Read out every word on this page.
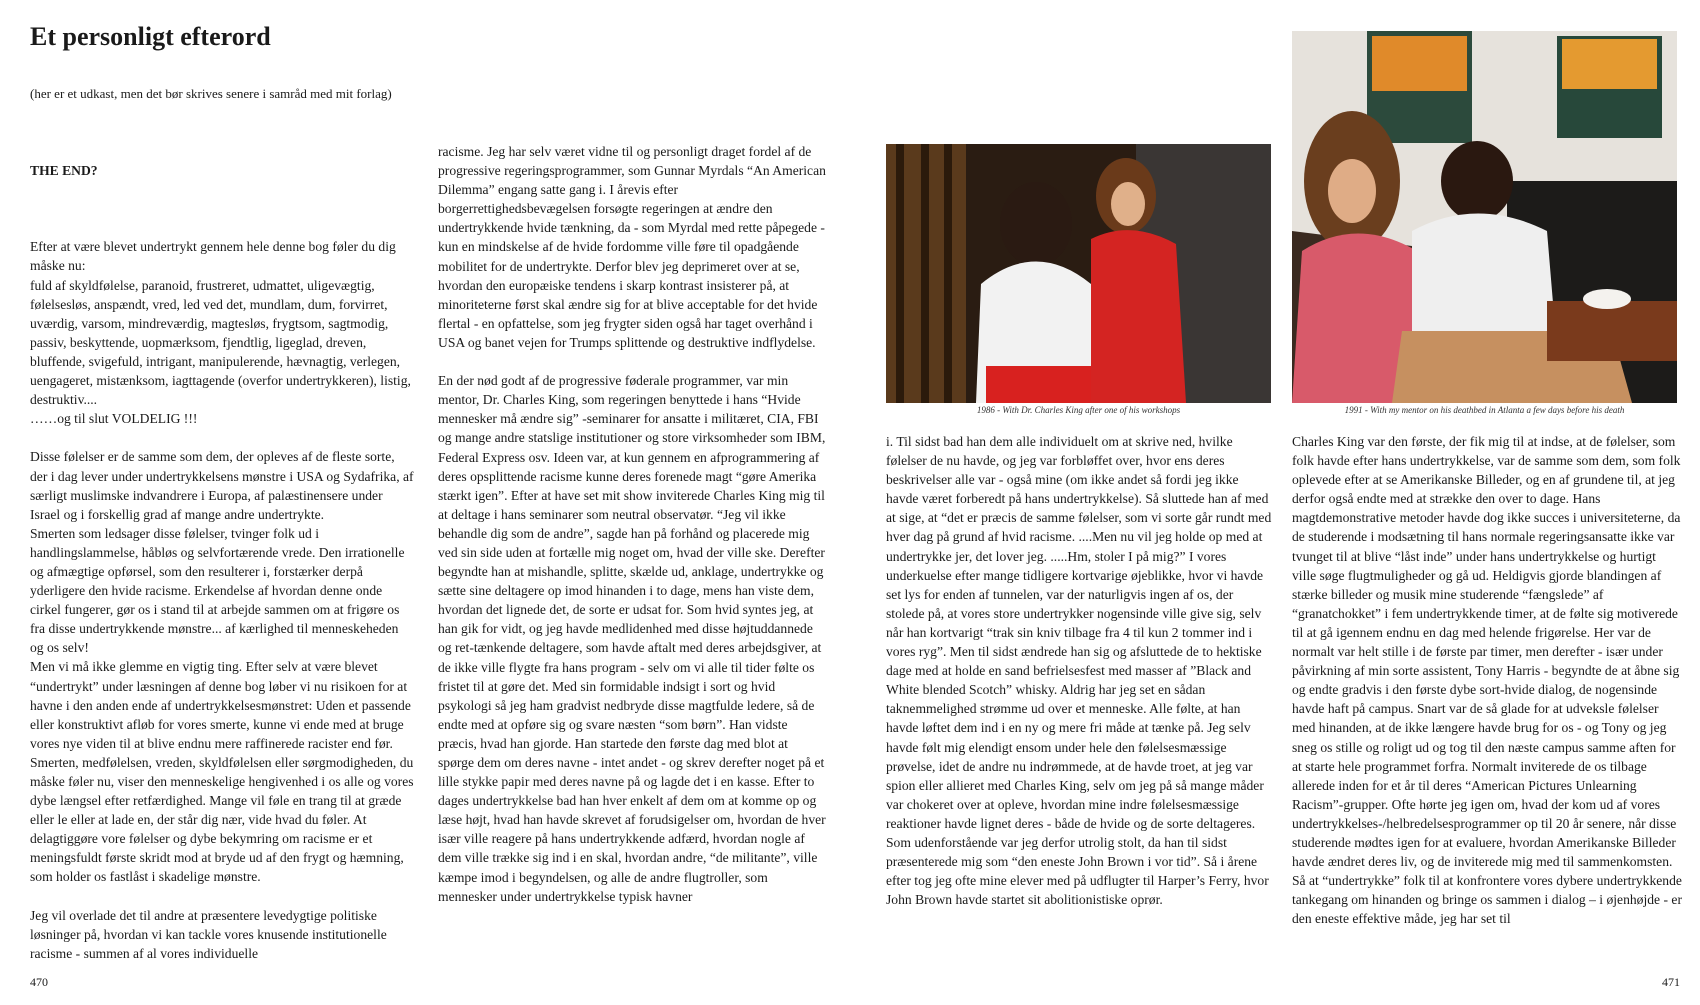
Et personligt efterord
(her er et udkast, men det bør skrives senere i samråd med mit forlag)

THE END?

Efter at være blevet undertrykt gennem hele denne bog føler du dig måske nu:
fuld af skyldfølelse, paranoid, frustreret, udmattet, uligevægtig, følelsesløs, anspændt, vred, led ved det, mundlam, dum, forvirret, uværdig, varsom, mindreværdig, magtesløs, frygtsom, sagtmodig, passiv, beskyttende, uopmærksom, fjendtlig, ligeglad, dreven, bluffende, svigefuld, intrigant, manipulerende, hævnagtig, verlegen, uengageret, mistænksom, iagttagende (overfor undertrykkeren), listig, destruktiv....
……og til slut VOLDELIG !!!

Disse følelser er de samme som dem, der opleves af de fleste sorte, der i dag lever under undertrykkelsens mønstre i USA og Sydafrika, af særligt muslimske indvandrere i Europa, af palæstinensere under Israel og i forskellig grad af mange andre undertrykte.
Smerten som ledsager disse følelser, tvinger folk ud i handlingslammelse, håbløs og selvfortærende vrede. Den irrationelle og afmægtige opførsel, som den resulterer i, forstærker derpå yderligere den hvide racisme. Erkendelse af hvordan denne onde cirkel fungerer, gør os i stand til at arbejde sammen om at frigøre os fra disse undertrykkende mønstre... af kærlighed til menneskeheden og os selv!
Men vi må ikke glemme en vigtig ting. Efter selv at være blevet “undertrykt” under læsningen af denne bog løber vi nu risikoen for at havne i den anden ende af undertrykkelsesmønstret: Uden et passende eller konstruktivt afløb for vores smerte, kunne vi ende med at bruge vores nye viden til at blive endnu mere raffinerede racister end før.
Smerten, medfølelsen, vreden, skyldfølelsen eller sørgmodigheden, du måske føler nu, viser den menneskelige hengivenhed i os alle og vores dybe længsel efter retfærdighed. Mange vil føle en trang til at græde eller le eller at lade en, der står dig nær, vide hvad du føler. At delagtiggøre vore følelser og dybe bekymring om racisme er et meningsfuldt første skridt mod at bryde ud af den frygt og hæmning, som holder os fastlåst i skadelige mønstre.

Jeg vil overlade det til andre at præsentere levedygtige politiske løsninger på, hvordan vi kan tackle vores knusende institutionelle racisme - summen af al vores individuelle

racisme. Jeg har selv været vidne til og personligt draget fordel af de progressive regeringsprogrammer, som Gunnar Myrdals “An American Dilemma” engang satte gang i. I årevis efter borgerrettighedsbevægelsen forsøgte regeringen at ændre den undertrykkende hvide tænkning, da - som Myrdal med rette påpegede - kun en mindskelse af de hvide fordomme ville føre til opadgående mobilitet for de undertrykte. Derfor blev jeg deprimeret over at se, hvordan den europæiske tendens i skarp kontrast insisterer på, at minoriteterne først skal ændre sig for at blive acceptable for det hvide flertal - en opfattelse, som jeg frygter siden også har taget overhånd i USA og banet vejen for Trumps splittende og destruktive indflydelse.

En der nød godt af de progressive føderale programmer, var min mentor, Dr. Charles King, som regeringen benyttede i hans “Hvide mennesker må ændre sig” -seminarer for ansatte i militæret, CIA, FBI og mange andre statslige institutioner og store virksomheder som IBM, Federal Express osv. Ideen var, at kun gennem en afprogrammering af deres opsplittende racisme kunne deres forenede magt “gøre Amerika stærkt igen”. Efter at have set mit show inviterede Charles King mig til at deltage i hans seminarer som neutral observatør. “Jeg vil ikke behandle dig som de andre”, sagde han på forhånd og placerede mig ved sin side uden at fortælle mig noget om, hvad der ville ske. Derefter begyndte han at mishandle, splitte, skælde ud, anklage, undertrykke og sætte sine deltagere op imod hinanden i to dage, mens han viste dem, hvordan det lignede det, de sorte er udsat for. Som hvid syntes jeg, at han gik for vidt, og jeg havde medlidenhed med disse højtuddannede og ret-tænkende deltagere, som havde aftalt med deres arbejdsgiver, at de ikke ville flygte fra hans program - selv om vi alle til tider følte os fristet til at gøre det. Med sin formidable indsigt i sort og hvid psykologi så jeg ham gradvist nedbryde disse magtfulde ledere, så de endte med at opføre sig og svare næsten “som børn”. Han vidste præcis, hvad han gjorde. Han startede den første dag med blot at spørge dem om deres navne - intet andet - og skrev derefter noget på et lille stykke papir med deres navne på og lagde det i en kasse. Efter to dages undertrykkelse bad han hver enkelt af dem om at komme op og læse højt, hvad han havde skrevet af forudsigelser om, hvordan de hver især ville reagere på hans undertrykkende adfærd, hvordan nogle af dem ville trække sig ind i en skal, hvordan andre, “de militante”, ville kæmpe imod i begyndelsen, og alle de andre flugtroller, som mennesker under undertrykkelse typisk havner
1986 - With Dr. Charles King after one of his workshops	1991 - With my mentor on his deathbed in Atlanta a few days before his death
i. Til sidst bad han dem alle individuelt om at skrive ned, hvilke følelser de nu havde, og jeg var forbløffet over, hvor ens deres beskrivelser alle var - også mine (om ikke andet så fordi jeg ikke havde været forberedt på hans undertrykkelse). Så sluttede han af med at sige, at “det er præcis de samme følelser, som vi sorte går rundt med hver dag på grund af hvid racisme. ....Men nu vil jeg holde op med at undertrykke jer, det lover jeg. .....Hm, stoler I på mig?” I vores underkuelse efter mange tidligere kortvarige øjeblikke, hvor vi havde set lys for enden af tunnelen, var der naturligvis ingen af os, der stolede på, at vores store undertrykker nogensinde ville give sig, selv når han kortvarigt “trak sin kniv tilbage fra 4 til kun 2 tommer ind i vores ryg”. Men til sidst ændrede han sig og afsluttede de to hektiske dage med at holde en sand befrielsesfest med masser af ”Black and White blended Scotch” whisky. Aldrig har jeg set en sådan taknemmelighed strømme ud over et menneske. Alle følte, at han havde løftet dem ind i en ny og mere fri måde at tænke på. Jeg selv havde følt mig elendigt ensom under hele den følelsesmæssige prøvelse, idet de andre nu indrømmede, at de havde troet, at jeg var spion eller allieret med Charles King, selv om jeg på så mange måder var chokeret over at opleve, hvordan mine indre følelsesmæssige reaktioner havde lignet deres - både de hvide og de sorte deltageres. Som udenforstående var jeg derfor utrolig stolt, da han til sidst præsenterede mig som “den eneste John Brown i vor tid”. Så i årene efter tog jeg ofte mine elever med på udflugter til Harper’s Ferry, hvor John Brown havde startet sit abolitionistiske oprør.
Charles King var den første, der fik mig til at indse, at de følelser, som folk havde efter hans undertrykkelse, var de samme som dem, som folk oplevede efter at se Amerikanske Billeder, og en af grundene til, at jeg derfor også endte med at strække den over to dage. Hans magtdemonstrative metoder havde dog ikke succes i universiteterne, da de studerende i modsætning til hans normale regeringsansatte ikke var tvunget til at blive “låst inde” under hans undertrykkelse og hurtigt ville søge flugtmuligheder og gå ud. Heldigvis gjorde blandingen af stærke billeder og musik mine studerende “fængslede” af “granatchokket” i fem undertrykkende timer, at de følte sig motiverede til at gå igennem endnu en dag med helende frigørelse. Her var de normalt var helt stille i de første par timer, men derefter - især under påvirkning af min sorte assistent, Tony Harris - begyndte de at åbne sig og endte gradvis i den første dybe sort-hvide dialog, de nogensinde havde haft på campus. Snart var de så glade for at udveksle følelser med hinanden, at de ikke længere havde brug for os - og Tony og jeg sneg os stille og roligt ud og tog til den næste campus samme aften for at starte hele programmet forfra. Normalt inviterede de os tilbage allerede inden for et år til deres “American Pictures Unlearning Racism”-grupper. Ofte hørte jeg igen om, hvad der kom ud af vores undertrykkelses-/helbredelsesprogrammer op til 20 år senere, når disse studerende mødtes igen for at evaluere, hvordan Amerikanske Billeder havde ændret deres liv, og de inviterede mig med til sammenkomsten.
Så at “undertrykke” folk til at konfrontere vores dybere undertrykkende tankegang om hinanden og bringe os sammen i dialog – i øjenhøjde - er den eneste effektive måde, jeg har set til
470	471
